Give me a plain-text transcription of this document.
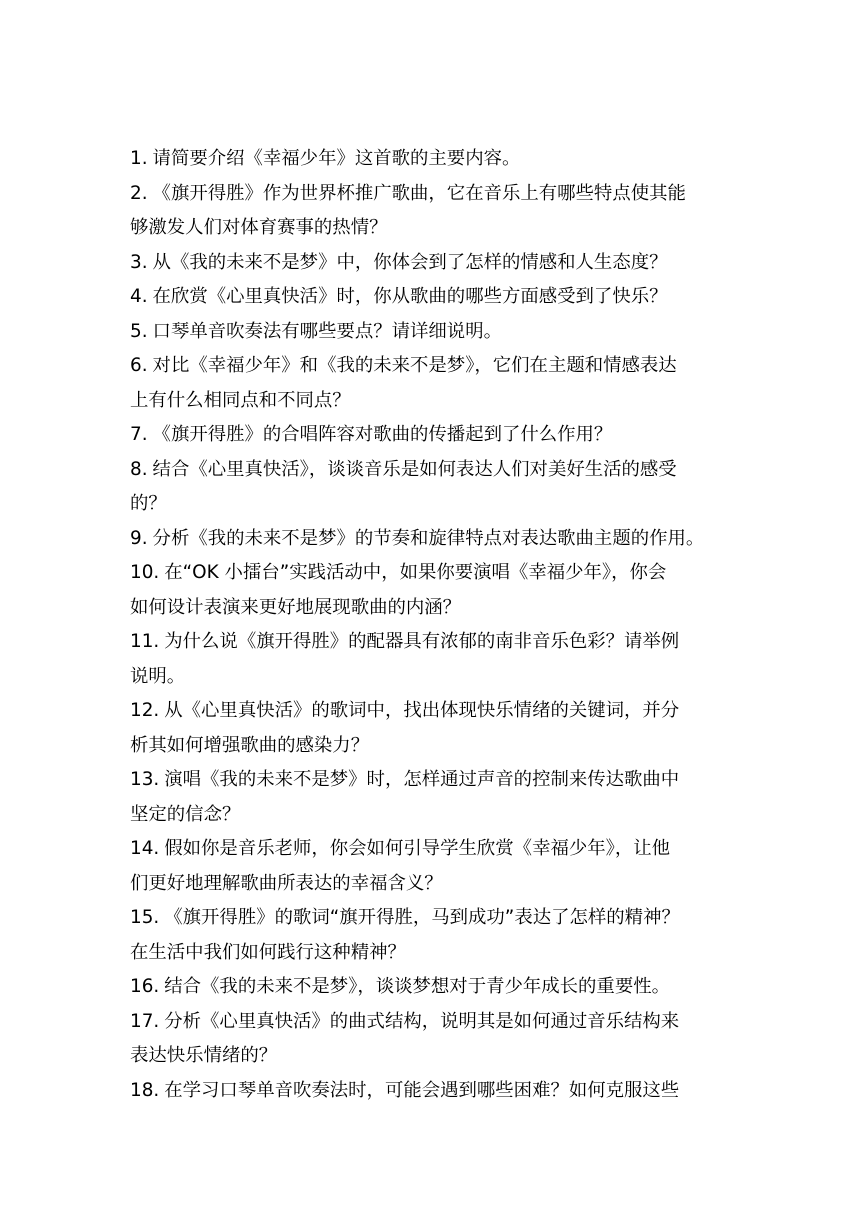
1. 请简要介绍《幸福少年》这首歌的主要内容。
2. 《旗开得胜》作为世界杯推广歌曲，它在音乐上有哪些特点使其能
够激发人们对体育赛事的热情？
3. 从《我的未来不是梦》中，你体会到了怎样的情感和人生态度？
4. 在欣赏《心里真快活》时，你从歌曲的哪些方面感受到了快乐？
5. 口琴单音吹奏法有哪些要点？请详细说明。
6. 对比《幸福少年》和《我的未来不是梦》，它们在主题和情感表达
上有什么相同点和不同点？
7. 《旗开得胜》的合唱阵容对歌曲的传播起到了什么作用？
8. 结合《心里真快活》，谈谈音乐是如何表达人们对美好生活的感受
的？
9. 分析《我的未来不是梦》的节奏和旋律特点对表达歌曲主题的作用。
10. 在“OK 小擂台”实践活动中，如果你要演唱《幸福少年》，你会
如何设计表演来更好地展现歌曲的内涵？
11. 为什么说《旗开得胜》的配器具有浓郁的南非音乐色彩？请举例
说明。
12. 从《心里真快活》的歌词中，找出体现快乐情绪的关键词，并分
析其如何增强歌曲的感染力？
13. 演唱《我的未来不是梦》时，怎样通过声音的控制来传达歌曲中
坚定的信念？
14. 假如你是音乐老师，你会如何引导学生欣赏《幸福少年》，让他
们更好地理解歌曲所表达的幸福含义？
15. 《旗开得胜》的歌词“旗开得胜，马到成功”表达了怎样的精神？
在生活中我们如何践行这种精神？
16. 结合《我的未来不是梦》，谈谈梦想对于青少年成长的重要性。
17. 分析《心里真快活》的曲式结构，说明其是如何通过音乐结构来
表达快乐情绪的？
18. 在学习口琴单音吹奏法时，可能会遇到哪些困难？如何克服这些
